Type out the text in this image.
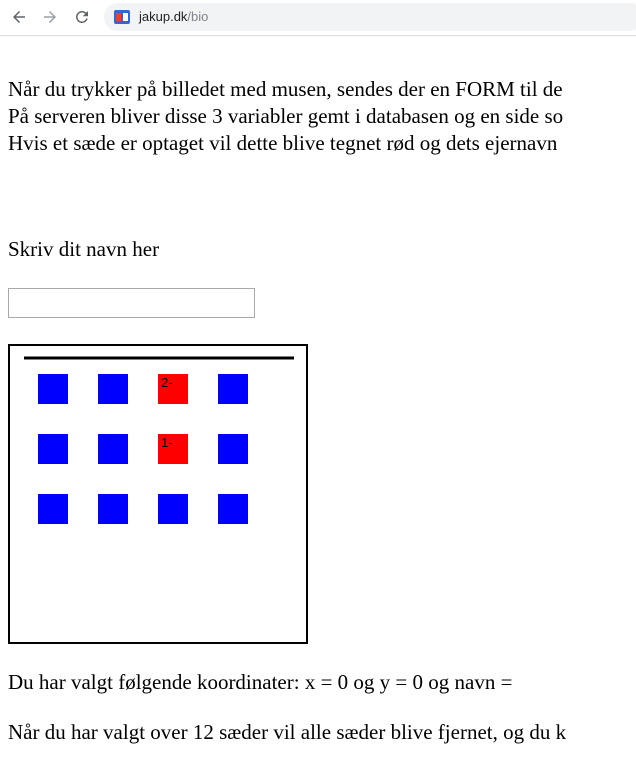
jakup.dk/bio
Når du trykker på billedet med musen, sendes der en FORM til de
På serveren bliver disse 3 variabler gemt i databasen og en side so
Hvis et sæde er optaget vil dette blive tegnet rød og dets ejernavn
Skriv dit navn her
2-
1-
Du har valgt følgende koordinater: x = 0 og y = 0 og navn =
Når du har valgt over 12 sæder vil alle sæder blive fjernet, og du k
